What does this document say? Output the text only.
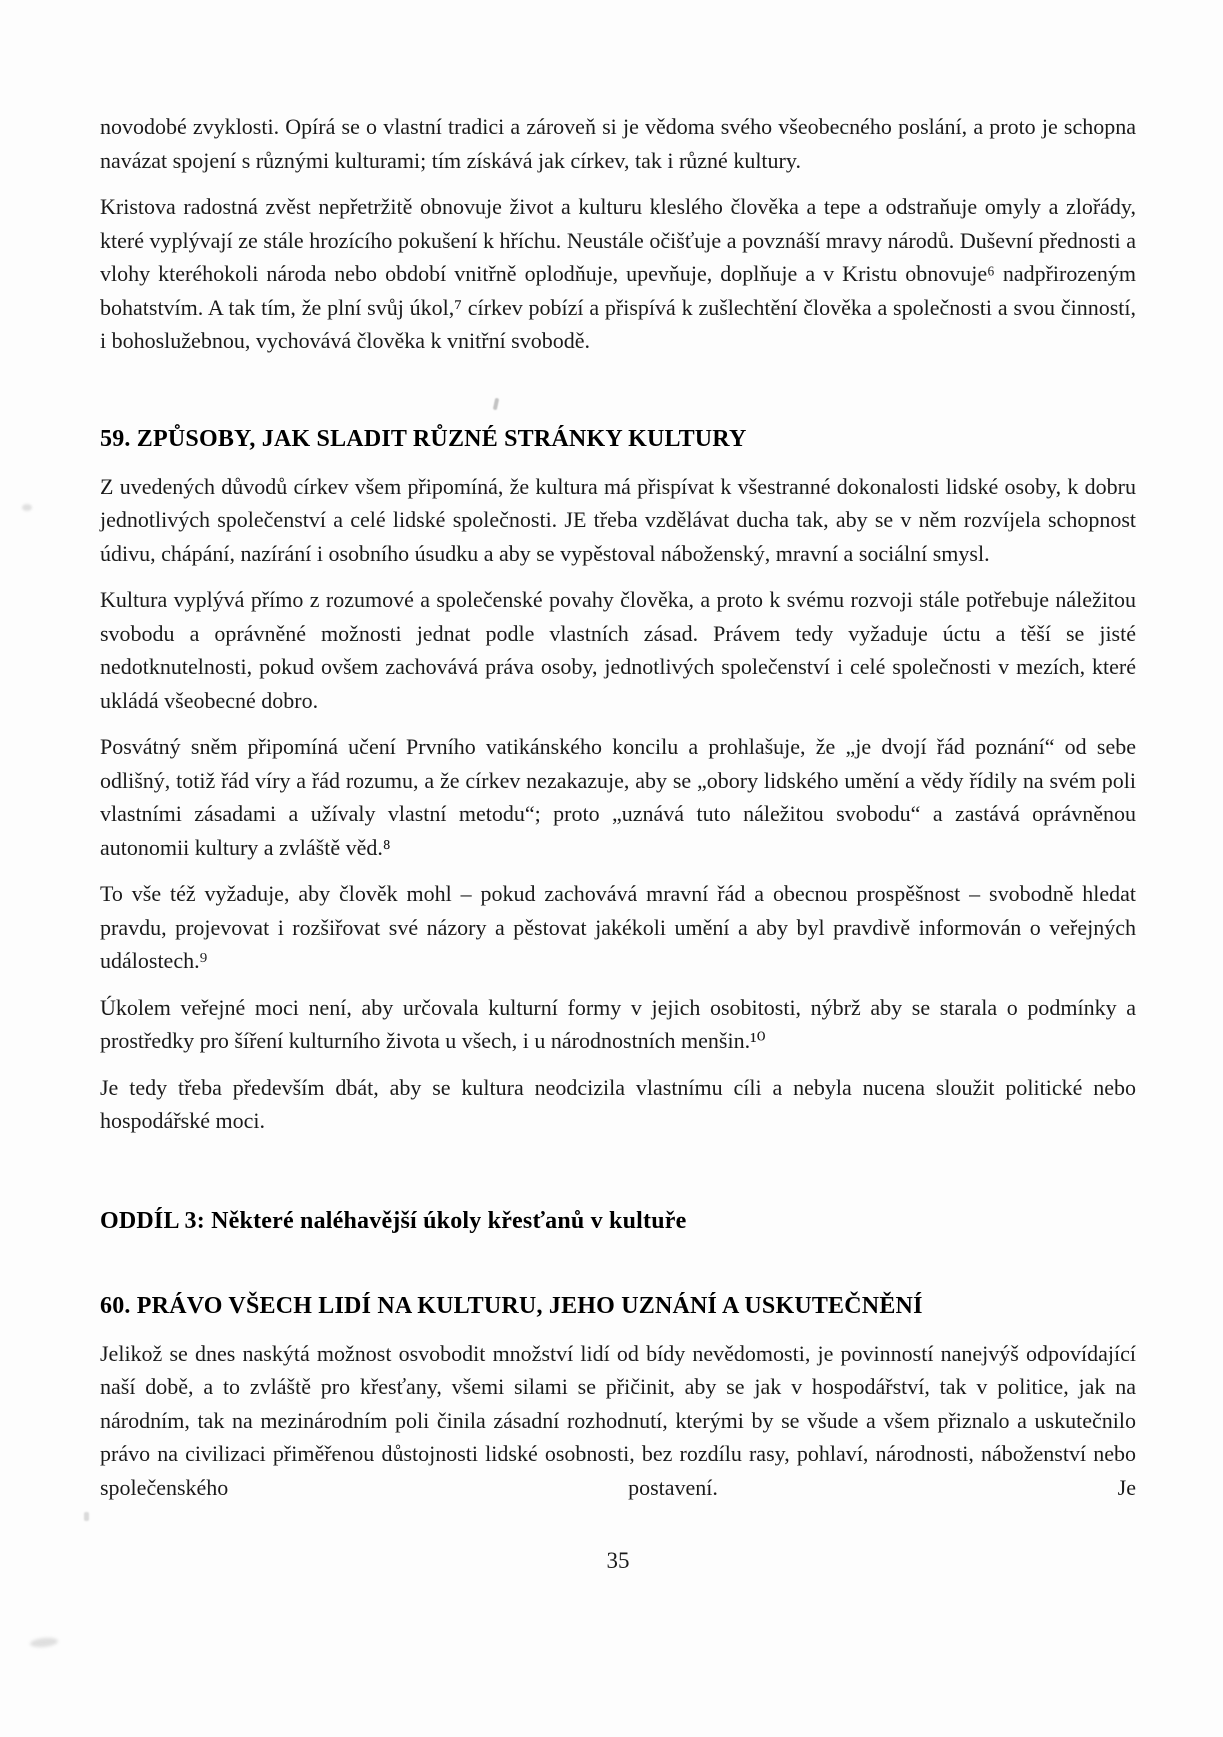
novodobé zvyklosti. Opírá se o vlastní tradici a zároveň si je vědoma svého všeobecného poslání, a proto je schopna navázat spojení s různými kulturami; tím získává jak církev, tak i různé kultury.

Kristova radostná zvěst nepřetržitě obnovuje život a kulturu kleslého člověka a tepe a odstraňuje omyly a zlořády, které vyplývají ze stále hrozícího pokušení k hříchu. Neustále očišťuje a povznáší mravy národů. Duševní přednosti a vlohy kteréhokoli národa nebo období vnitřně oplodňuje, upevňuje, doplňuje a v Kristu obnovuje⁶ nadpřirozeným bohatstvím. A tak tím, že plní svůj úkol,⁷ církev pobízí a přispívá k zušlechtění člověka a společnosti a svou činností, i bohoslužebnou, vychovává člověka k vnitřní svobodě.

59. ZPŮSOBY, JAK SLADIT RŮZNÉ STRÁNKY KULTURY

Z uvedených důvodů církev všem připomíná, že kultura má přispívat k všestranné dokonalosti lidské osoby, k dobru jednotlivých společenství a celé lidské společnosti. JE třeba vzdělávat ducha tak, aby se v něm rozvíjela schopnost údivu, chápání, nazírání i osobního úsudku a aby se vypěstoval náboženský, mravní a sociální smysl.

Kultura vyplývá přímo z rozumové a společenské povahy člověka, a proto k svému rozvoji stále potřebuje náležitou svobodu a oprávněné možnosti jednat podle vlastních zásad. Právem tedy vyžaduje úctu a těší se jisté nedotknutelnosti, pokud ovšem zachovává práva osoby, jednotlivých společenství i celé společnosti v mezích, které ukládá všeobecné dobro.

Posvátný sněm připomíná učení Prvního vatikánského koncilu a prohlašuje, že „je dvojí řád poznání“ od sebe odlišný, totiž řád víry a řád rozumu, a že církev nezakazuje, aby se „obory lidského umění a vědy řídily na svém poli vlastními zásadami a užívaly vlastní metodu“; proto „uznává tuto náležitou svobodu“ a zastává oprávněnou autonomii kultury a zvláště věd.⁸

To vše též vyžaduje, aby člověk mohl – pokud zachovává mravní řád a obecnou prospěšnost – svobodně hledat pravdu, projevovat i rozšiřovat své názory a pěstovat jakékoli umění a aby byl pravdivě informován o veřejných událostech.⁹

Úkolem veřejné moci není, aby určovala kulturní formy v jejich osobitosti, nýbrž aby se starala o podmínky a prostředky pro šíření kulturního života u všech, i u národnostních menšin.¹⁰

Je tedy třeba především dbát, aby se kultura neodcizila vlastnímu cíli a nebyla nucena sloužit politické nebo hospodářské moci.

ODDÍL 3: Některé naléhavější úkoly křesťanů v kultuře
60. PRÁVO VŠECH LIDÍ NA KULTURU, JEHO UZNÁNÍ A USKUTEČNĚNÍ

Jelikož se dnes naskýtá možnost osvobodit množství lidí od bídy nevědomosti, je povinností nanejvýš odpovídající naší době, a to zvláště pro křesťany, všemi silami se přičinit, aby se jak v hospodářství, tak v politice, jak na národním, tak na mezinárodním poli činila zásadní rozhodnutí, kterými by se všude a všem přiznalo a uskutečnilo právo na civilizaci přiměřenou důstojnosti lidské osobnosti, bez rozdílu rasy, pohlaví, národnosti, náboženství nebo společenského postavení. Je

35
